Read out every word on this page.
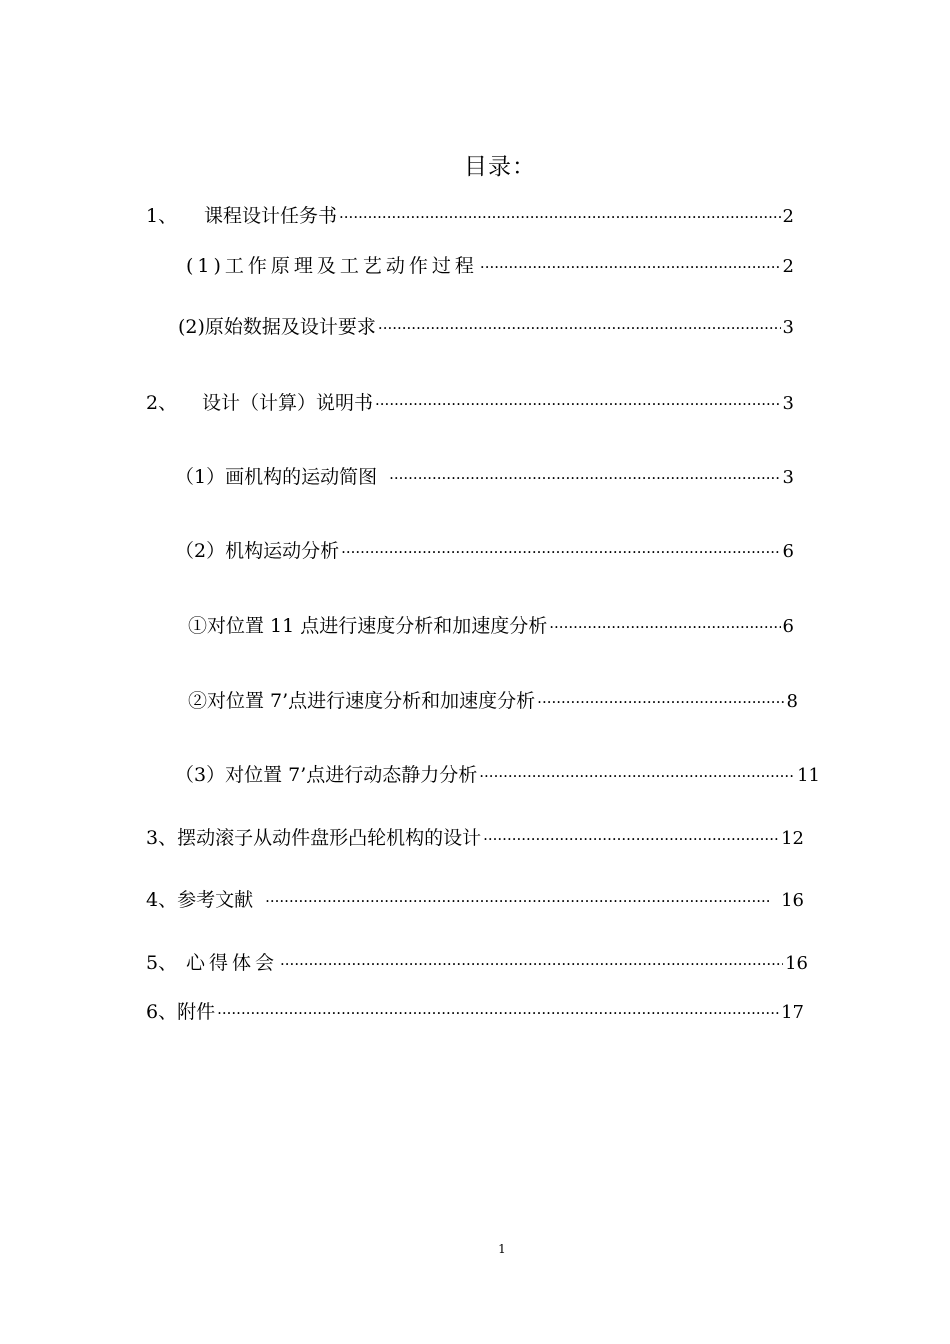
目录：
1、	课程设计任务书 ·····	2
(1)工作原理及工艺动作过程 ·····	2
(2)原始数据及设计要求 ·····	3
2、	设计（计算）说明书 ·····	3
（1）画机构的运动简图 ·····	3
（2）机构运动分析 ·····	6
①对位置 11 点进行速度分析和加速度分析 ·····	6
②对位置 7’点进行速度分析和加速度分析 ·····	8
（3）对位置 7’点进行动态静力分析 ·····	11
3、 摆动滚子从动件盘形凸轮机构的设计 ·····	12
4、 参考文献 ·····	16
5、 心得体会 ·····	16
6、 附件 ·····	17
1
